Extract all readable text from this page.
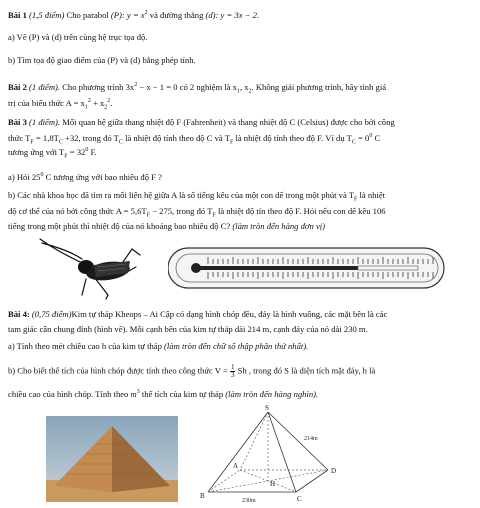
Bài 1 (1,5 điểm) Cho parabol (P): $y = x^2$ và đường thẳng (d): y = 3x − 2.
a) Vẽ (P) và (d) trên cùng hệ trục tọa độ.
b) Tìm tọa độ giao điểm của (P) và (d) bằng phép tính.
Bài 2 (1 điểm). Cho phương trình $3x^2 - x - 1 = 0$ có 2 nghiệm là $x_1$, $x_2$. Không giải phương trình, hãy tính giá
trị của biểu thức $A = x_1^2 + x_2^2$.
Bài 3 (1 điểm). Mối quan hệ giữa thang nhiệt độ F (Fahrenheit) và thang nhiệt độ C (Celsius) được cho bởi công
thức $T_F = 1,8T_C +32$, trong đó $T_C$ là nhiệt độ tính theo độ C và $T_F$ là nhiệt độ tính theo độ F. Ví dụ $T_C = 0^0$ C
tương ứng với $T_F = 32^0$ F.
a) Hỏi $25^0$ C tương ứng với bao nhiêu độ F ?
b) Các nhà khoa học đã tìm ra mối liên hệ giữa A là số tiếng kêu của một con dế trong một phút và $T_F$ là nhiệt
độ cơ thể của nó bởi công thức $A = 5,6T_F - 275$, trong đó $T_F$ là nhiệt độ tín theo độ F. Hỏi nếu con dế kêu 106
tiếng trong một phút thì nhiệt độ của nó khoảng bao nhiêu độ C? (làm tròn đến hàng đơn vị)
Bài 4: (0,75 điểm)Kim tự tháp Kheops – Ai Cập có dạng hình chóp đều, đáy là hình vuông, các mặt bên là các
tam giác cân chung đỉnh (hình vẽ). Mỗi cạnh bên của kim tự tháp dài 214 m, cạnh đáy của nó dài 230 m.
a) Tính theo mét chiều cao h của kim tự tháp (làm tròn đến chữ số thập phân thứ nhất).
b) Cho biết thể tích của hình chóp được tính theo công thức $V = \frac{1}{3}$ Sh , trong đó S là diện tích mặt đáy, h là
chiều cao của hình chóp. Tính theo $m^3$ thể tích của kim tự tháp (làm tròn đến hàng nghìn).
S
A
B	C
D
H
214m
230m
